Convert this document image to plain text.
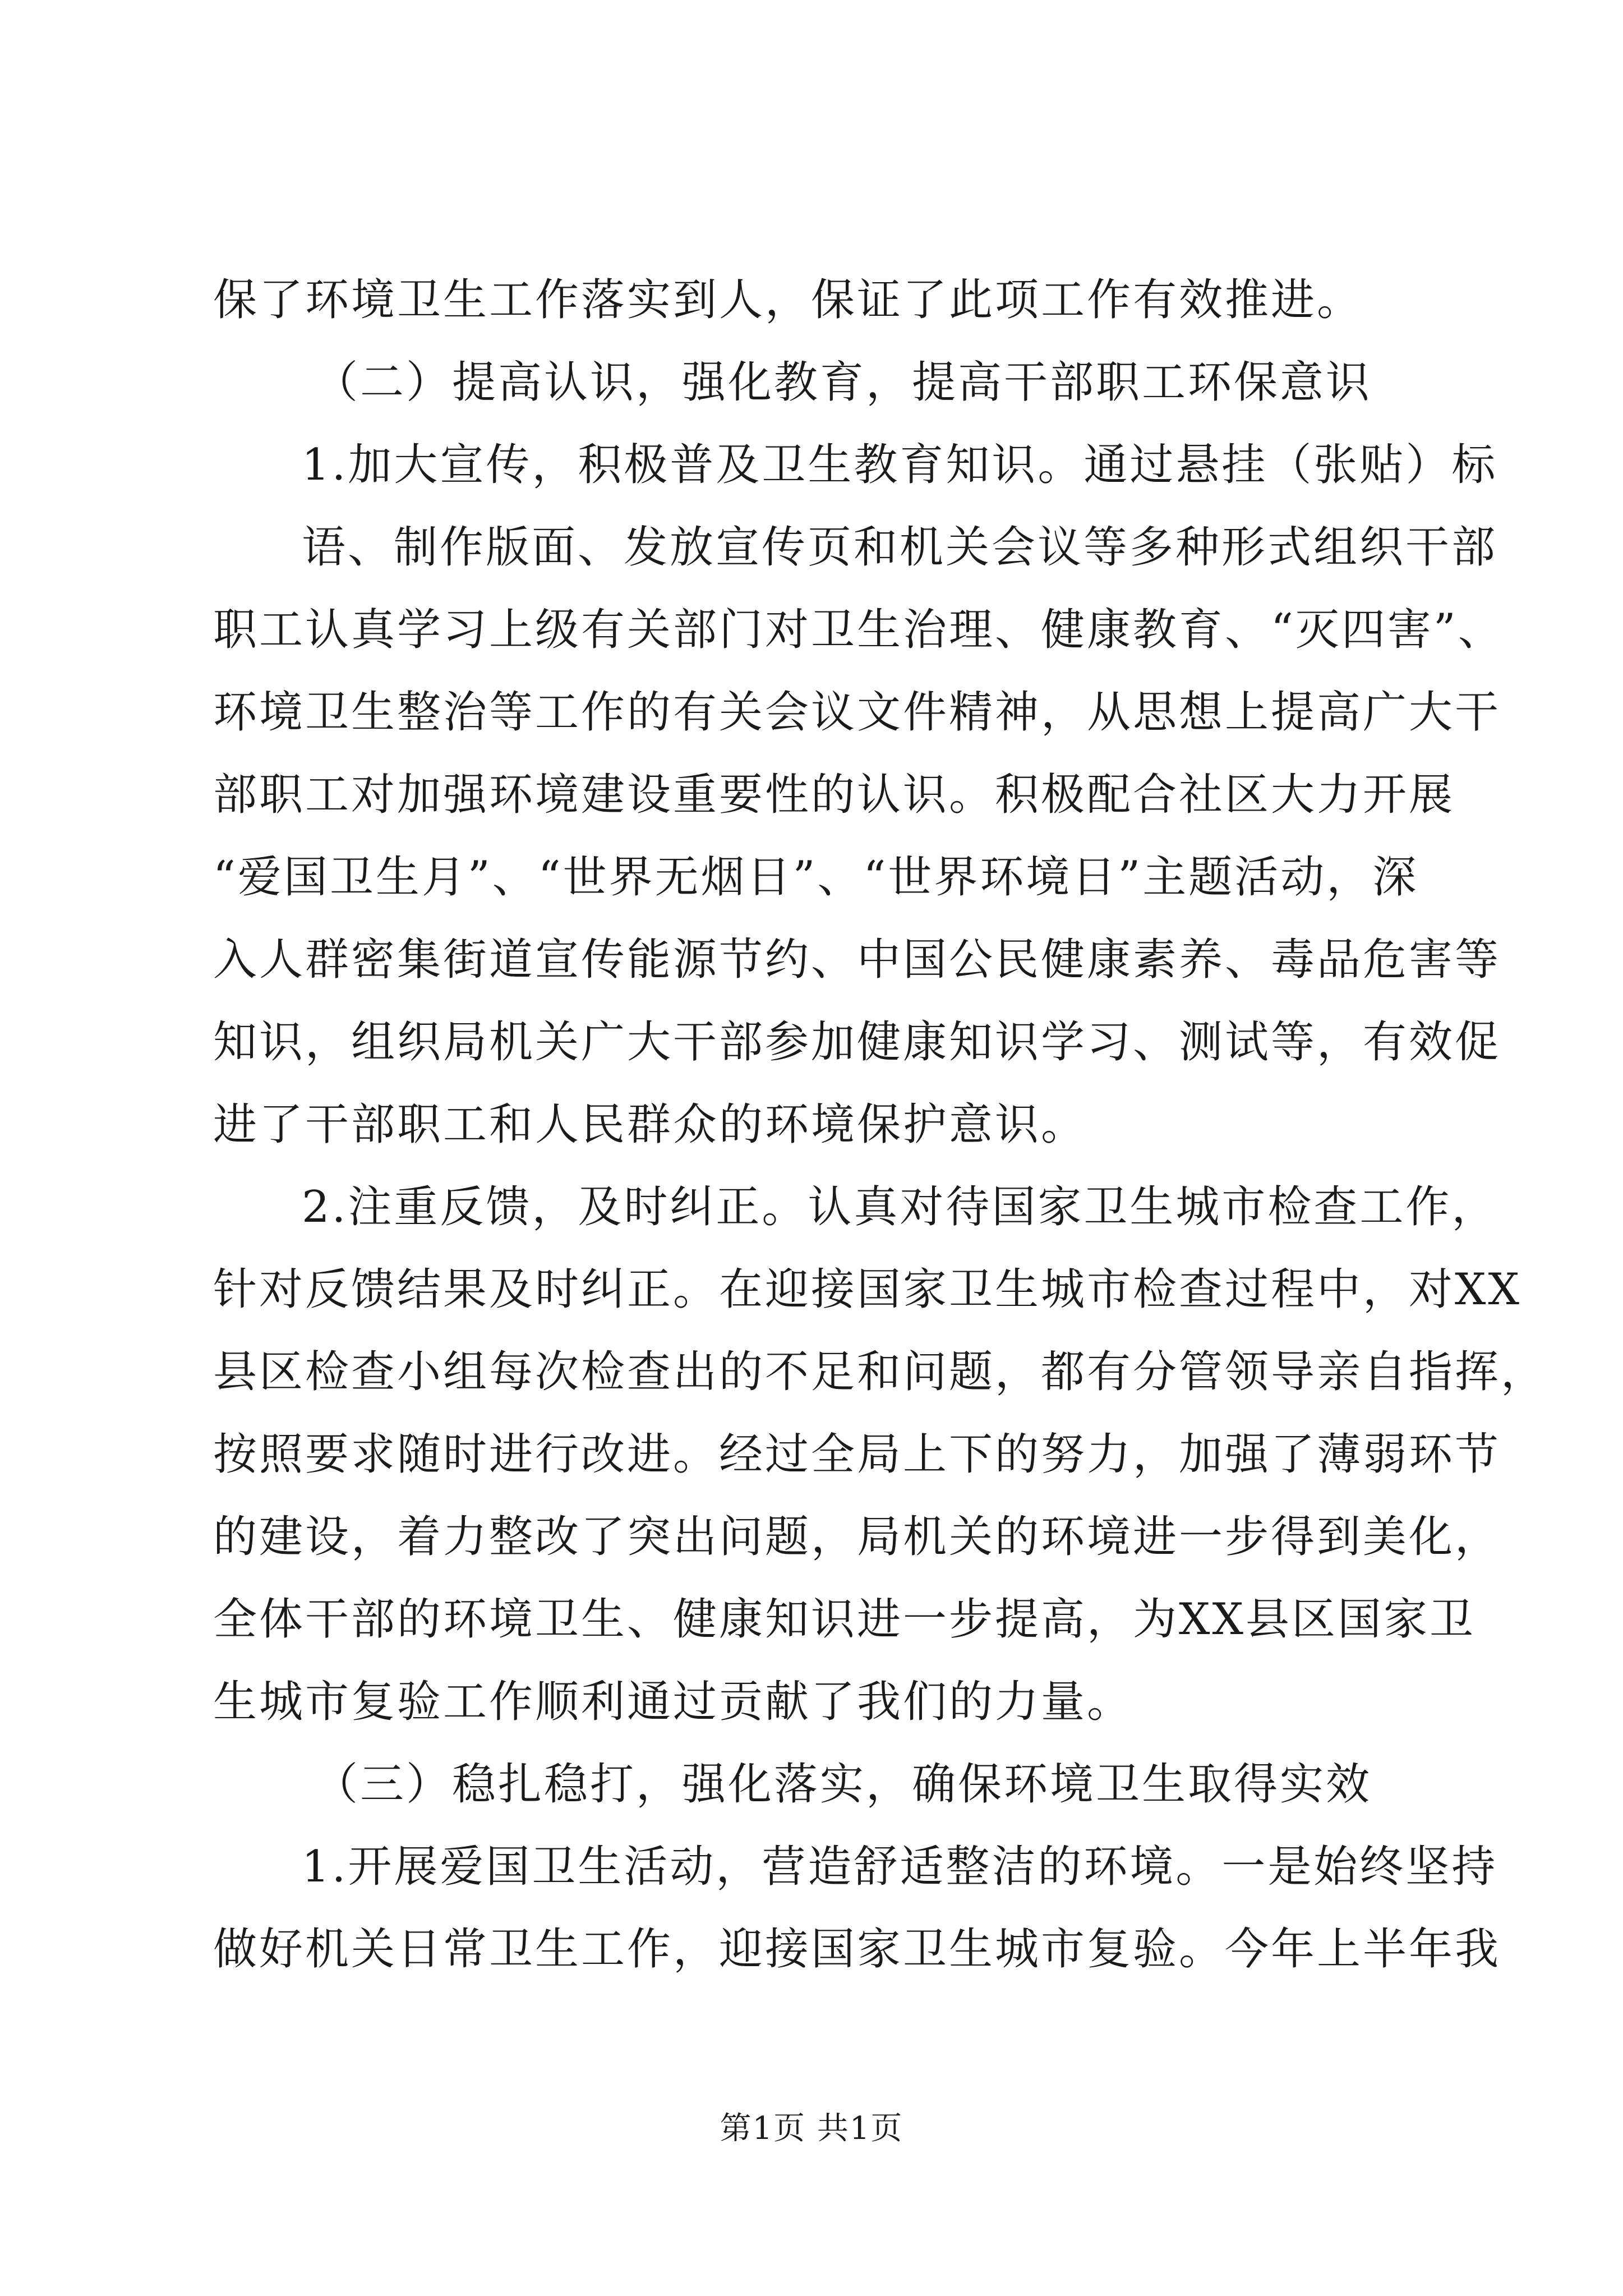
保了环境卫生工作落实到人，保证了此项工作有效推进。
（二）提高认识，强化教育，提高干部职工环保意识
1.加大宣传，积极普及卫生教育知识。通过悬挂（张贴）标
语、制作版面、发放宣传页和机关会议等多种形式组织干部
职工认真学习上级有关部门对卫生治理、健康教育、“灭四害”、
环境卫生整治等工作的有关会议文件精神，从思想上提高广大干
部职工对加强环境建设重要性的认识。积极配合社区大力开展
“爱国卫生月”、“世界无烟日”、“世界环境日”主题活动，深
入人群密集街道宣传能源节约、中国公民健康素养、毒品危害等
知识，组织局机关广大干部参加健康知识学习、测试等，有效促
进了干部职工和人民群众的环境保护意识。
2.注重反馈，及时纠正。认真对待国家卫生城市检查工作，
针对反馈结果及时纠正。在迎接国家卫生城市检查过程中，对XX
县区检查小组每次检查出的不足和问题，都有分管领导亲自指挥，
按照要求随时进行改进。经过全局上下的努力，加强了薄弱环节
的建设，着力整改了突出问题，局机关的环境进一步得到美化，
全体干部的环境卫生、健康知识进一步提高，为XX县区国家卫
生城市复验工作顺利通过贡献了我们的力量。
（三）稳扎稳打，强化落实，确保环境卫生取得实效
1.开展爱国卫生活动，营造舒适整洁的环境。一是始终坚持
做好机关日常卫生工作，迎接国家卫生城市复验。今年上半年我
第1页 共1页
